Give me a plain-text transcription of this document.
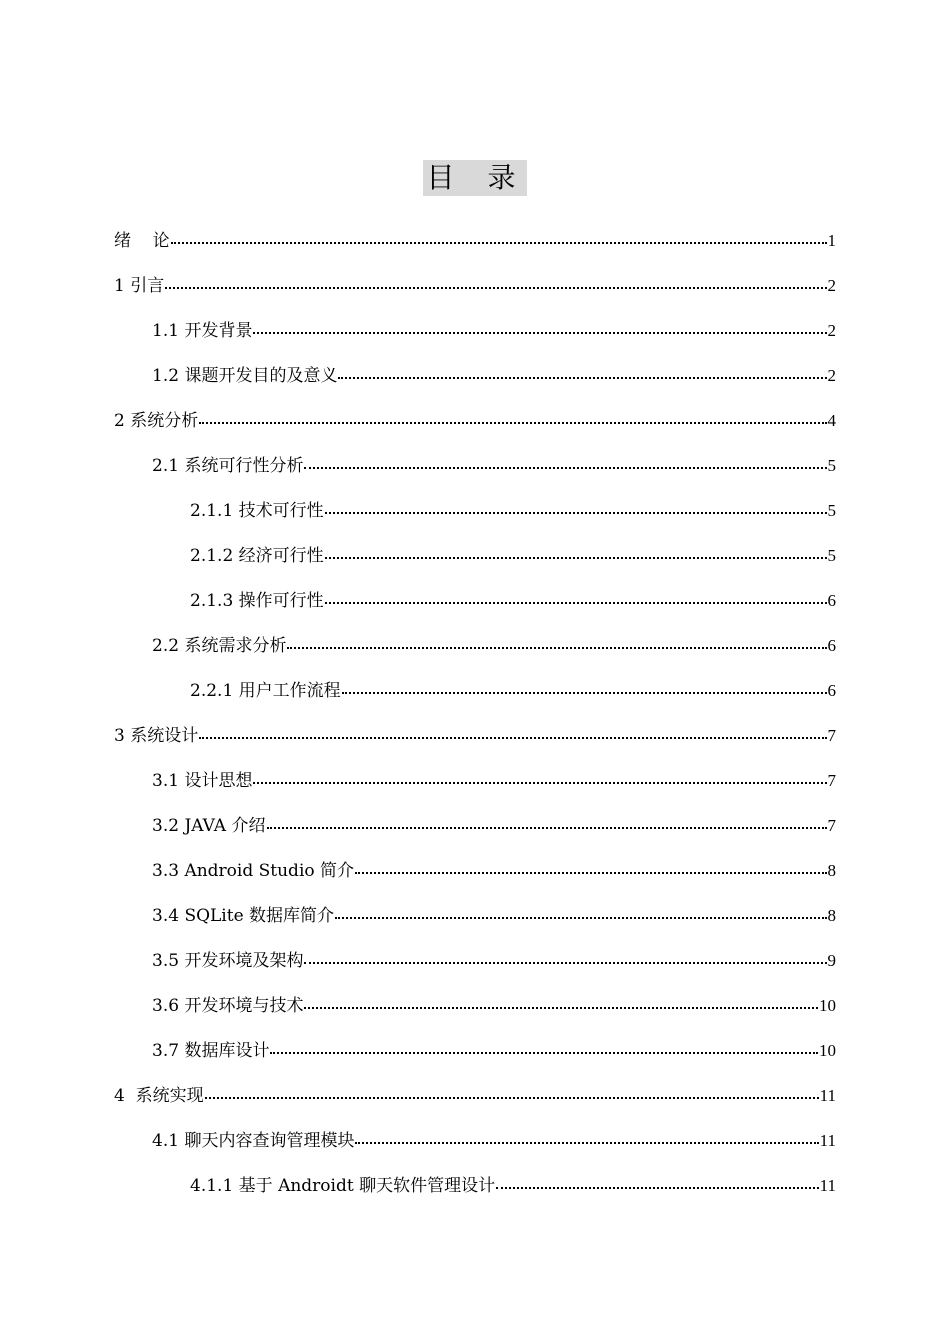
目 录
绪    论	1
1 引言	2
1.1 开发背景	2
1.2 课题开发目的及意义	2
2 系统分析	4
2.1 系统可行性分析	5
2.1.1 技术可行性	5
2.1.2 经济可行性	5
2.1.3 操作可行性	6
2.2 系统需求分析	6
2.2.1 用户工作流程	6
3 系统设计	7
3.1 设计思想	7
3.2 JAVA 介绍	7
3.3 Android Studio 简介	8
3.4 SQLite 数据库简介	8
3.5 开发环境及架构	9
3.6 开发环境与技术	10
3.7 数据库设计	10
4  系统实现	11
4.1 聊天内容查询管理模块	11
4.1.1 基于 Androidt 聊天软件管理设计	11
